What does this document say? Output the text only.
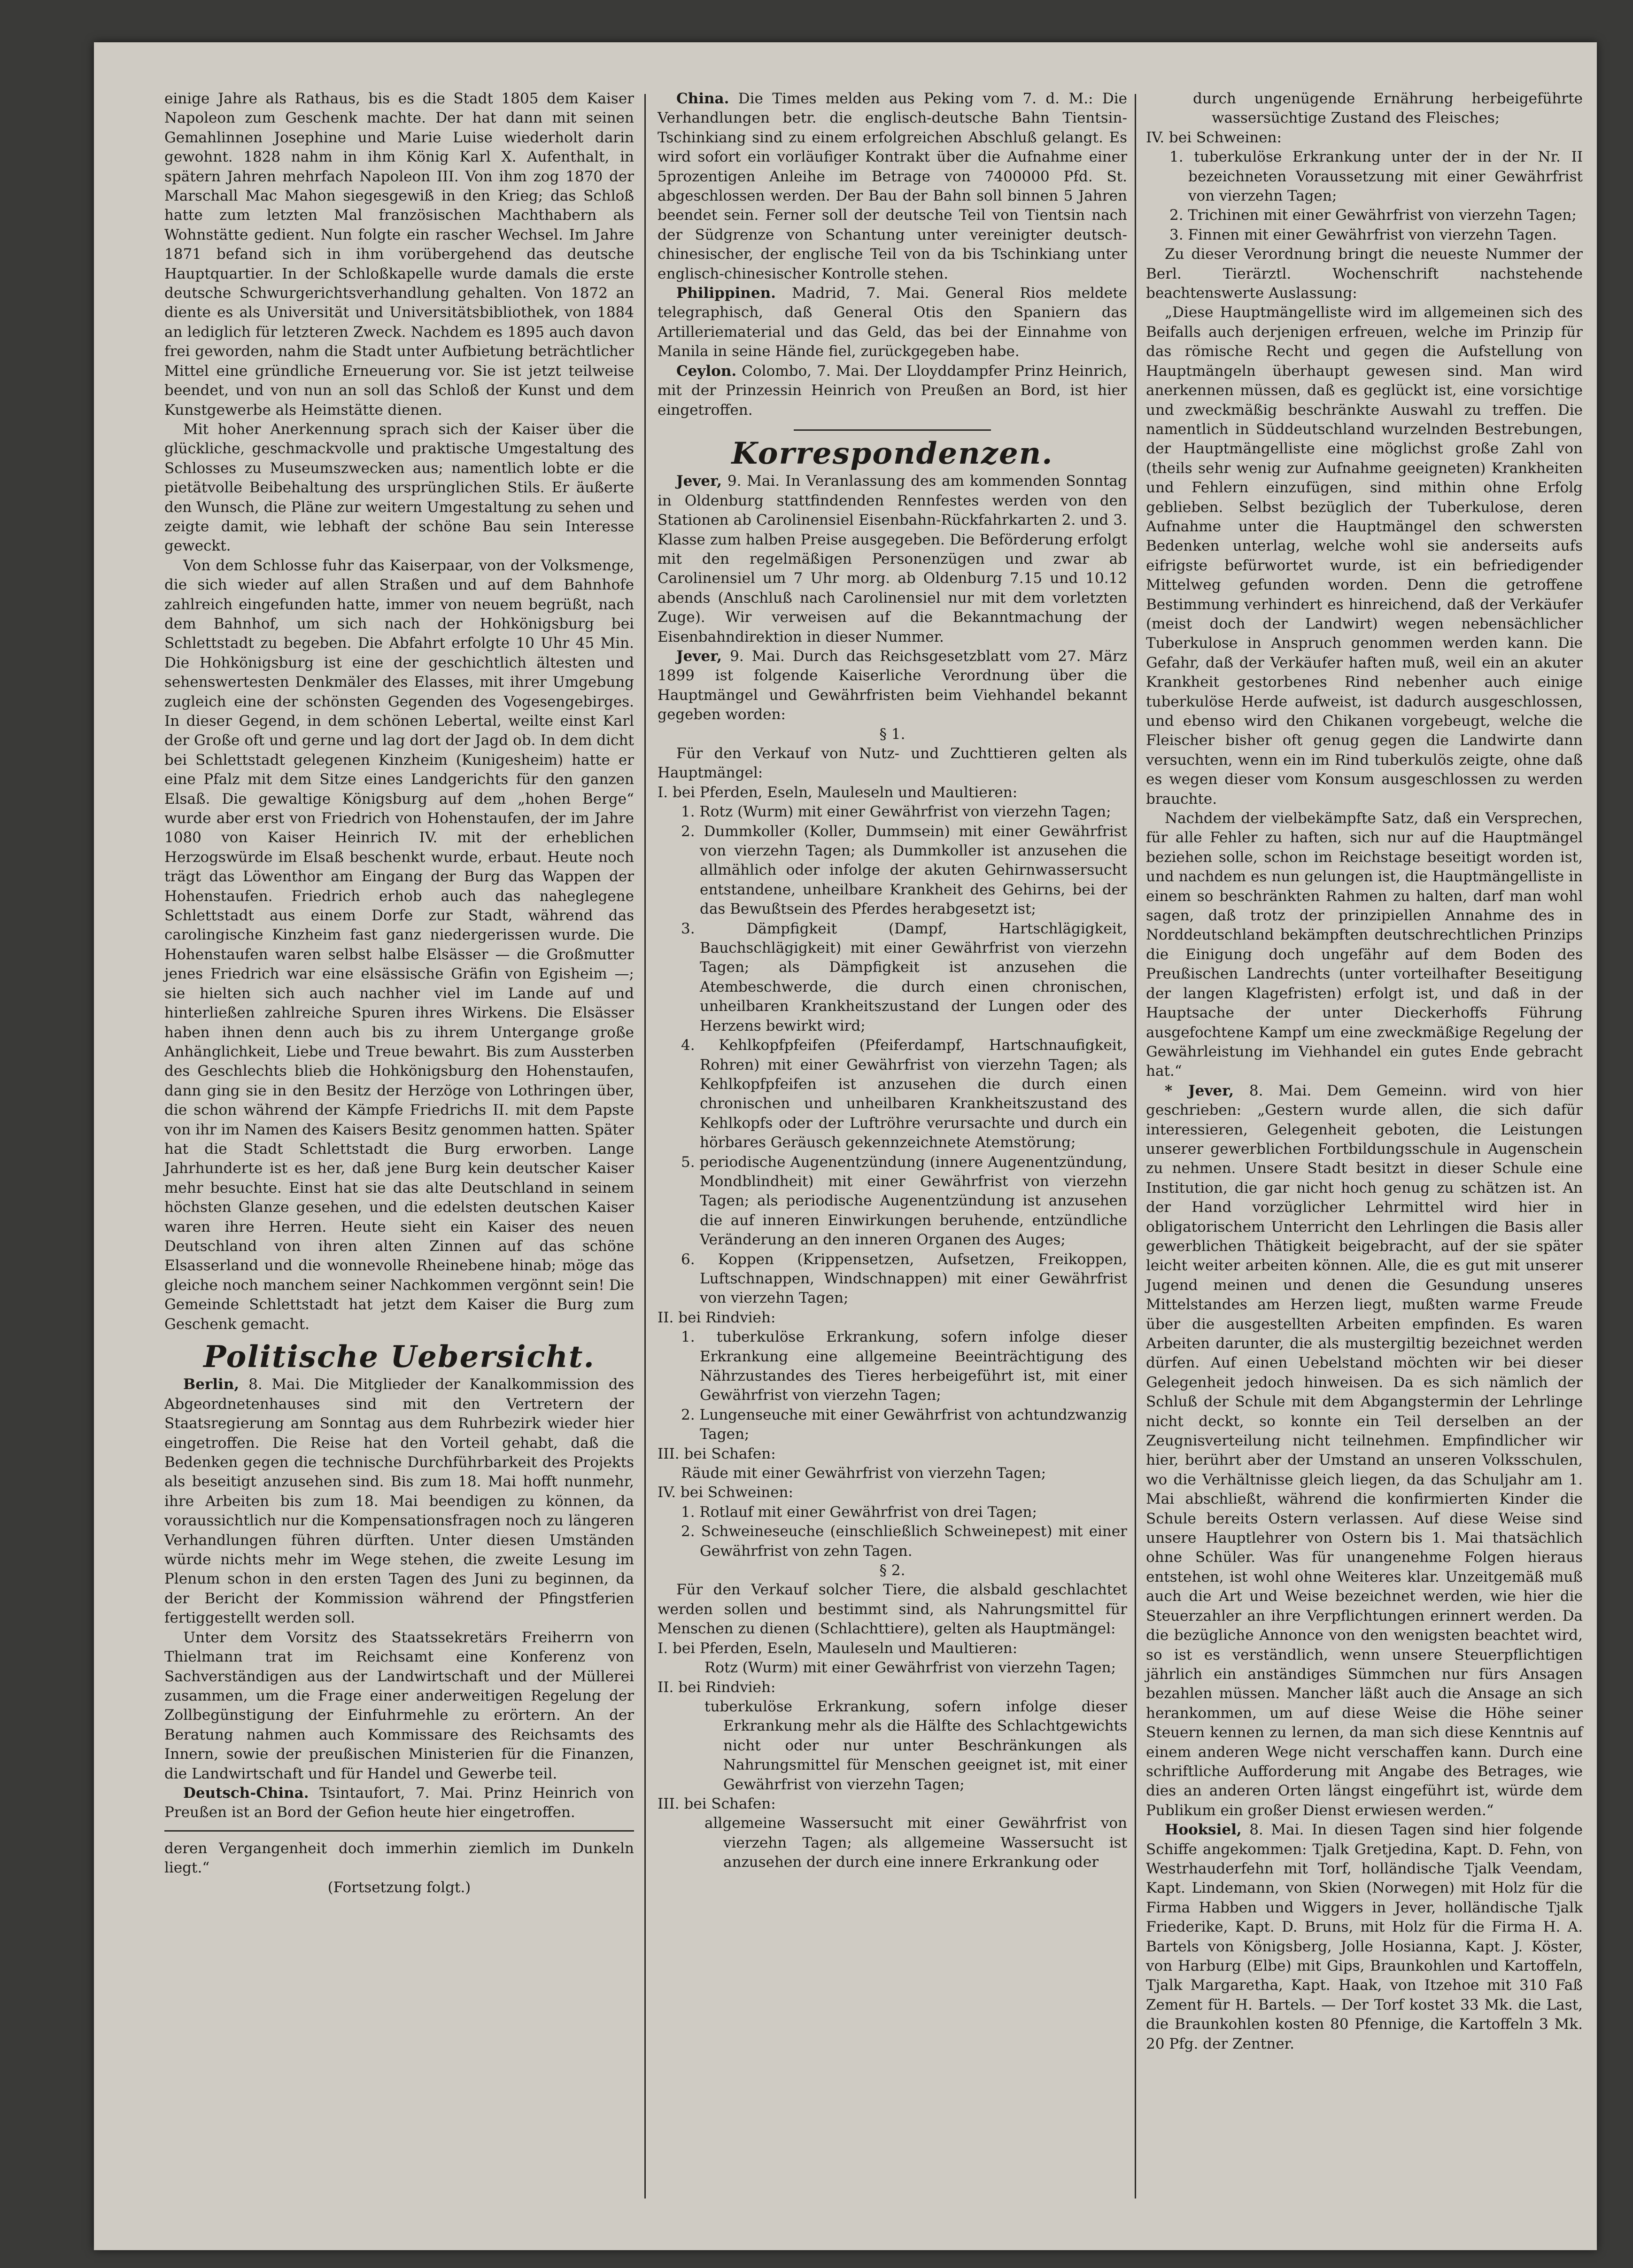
einige Jahre als Rathaus, bis es die Stadt 1805 dem Kaiser Napoleon zum Geschenk machte. Der hat dann mit seinen Gemahlinnen Josephine und Marie Luise wiederholt darin gewohnt. 1828 nahm in ihm König Karl X. Aufenthalt, in spätern Jahren mehrfach Napoleon III. Von ihm zog 1870 der Marschall Mac Mahon siegesgewiß in den Krieg; das Schloß hatte zum letzten Mal französischen Machthabern als Wohnstätte gedient. Nun folgte ein rascher Wechsel. Im Jahre 1871 befand sich in ihm vorübergehend das deutsche Hauptquartier. In der Schloßkapelle wurde damals die erste deutsche Schwurgerichtsverhandlung gehalten. Von 1872 an diente es als Universität und Universitätsbibliothek, von 1884 an lediglich für letzteren Zweck. Nachdem es 1895 auch davon frei geworden, nahm die Stadt unter Aufbietung beträchtlicher Mittel eine gründliche Erneuerung vor. Sie ist jetzt teilweise beendet, und von nun an soll das Schloß der Kunst und dem Kunstgewerbe als Heimstätte dienen.

Mit hoher Anerkennung sprach sich der Kaiser über die glückliche, geschmackvolle und praktische Umgestaltung des Schlosses zu Museumszwecken aus; namentlich lobte er die pietätvolle Beibehaltung des ursprünglichen Stils. Er äußerte den Wunsch, die Pläne zur weitern Umgestaltung zu sehen und zeigte damit, wie lebhaft der schöne Bau sein Interesse geweckt.

Von dem Schlosse fuhr das Kaiserpaar, von der Volksmenge, die sich wieder auf allen Straßen und auf dem Bahnhofe zahlreich eingefunden hatte, immer von neuem begrüßt, nach dem Bahnhof, um sich nach der Hohkönigsburg bei Schlettstadt zu begeben. Die Abfahrt erfolgte 10 Uhr 45 Min. Die Hohkönigsburg ist eine der geschichtlich ältesten und sehenswertesten Denkmäler des Elasses, mit ihrer Umgebung zugleich eine der schönsten Gegenden des Vogesengebirges. In dieser Gegend, in dem schönen Lebertal, weilte einst Karl der Große oft und gerne und lag dort der Jagd ob. In dem dicht bei Schlettstadt gelegenen Kinzheim (Kunigesheim) hatte er eine Pfalz mit dem Sitze eines Landgerichts für den ganzen Elsaß. Die gewaltige Königsburg auf dem „hohen Berge“ wurde aber erst von Friedrich von Hohenstaufen, der im Jahre 1080 von Kaiser Heinrich IV. mit der erheblichen Herzogswürde im Elsaß beschenkt wurde, erbaut. Heute noch trägt das Löwenthor am Eingang der Burg das Wappen der Hohenstaufen. Friedrich erhob auch das naheglegene Schlettstadt aus einem Dorfe zur Stadt, während das carolingische Kinzheim fast ganz niedergerissen wurde. Die Hohenstaufen waren selbst halbe Elsässer — die Großmutter jenes Friedrich war eine elsässische Gräfin von Egisheim —; sie hielten sich auch nachher viel im Lande auf und hinterließen zahlreiche Spuren ihres Wirkens. Die Elsässer haben ihnen denn auch bis zu ihrem Untergange große Anhänglichkeit, Liebe und Treue bewahrt. Bis zum Aussterben des Geschlechts blieb die Hohkönigsburg den Hohenstaufen, dann ging sie in den Besitz der Herzöge von Lothringen über, die schon während der Kämpfe Friedrichs II. mit dem Papste von ihr im Namen des Kaisers Besitz genommen hatten. Später hat die Stadt Schlettstadt die Burg erworben. Lange Jahrhunderte ist es her, daß jene Burg kein deutscher Kaiser mehr besuchte. Einst hat sie das alte Deutschland in seinem höchsten Glanze gesehen, und die edelsten deutschen Kaiser waren ihre Herren. Heute sieht ein Kaiser des neuen Deutschland von ihren alten Zinnen auf das schöne Elsasserland und die wonnevolle Rheinebene hinab; möge das gleiche noch manchem seiner Nachkommen vergönnt sein! Die Gemeinde Schlettstadt hat jetzt dem Kaiser die Burg zum Geschenk gemacht.

Politische Uebersicht.

Berlin, 8. Mai. Die Mitglieder der Kanalkommission des Abgeordnetenhauses sind mit den Vertretern der Staatsregierung am Sonntag aus dem Ruhrbezirk wieder hier eingetroffen. Die Reise hat den Vorteil gehabt, daß die Bedenken gegen die technische Durchführbarkeit des Projekts als beseitigt anzusehen sind. Bis zum 18. Mai hofft nunmehr, ihre Arbeiten bis zum 18. Mai beendigen zu können, da voraussichtlich nur die Kompensationsfragen noch zu längeren Verhandlungen führen dürften. Unter diesen Umständen würde nichts mehr im Wege stehen, die zweite Lesung im Plenum schon in den ersten Tagen des Juni zu beginnen, da der Bericht der Kommission während der Pfingstferien fertiggestellt werden soll.

Unter dem Vorsitz des Staatssekretärs Freiherrn von Thielmann trat im Reichsamt eine Konferenz von Sachverständigen aus der Landwirtschaft und der Müllerei zusammen, um die Frage einer anderweitigen Regelung der Zollbegünstigung der Einfuhrmehle zu erörtern. An der Beratung nahmen auch Kommissare des Reichsamts des Innern, sowie der preußischen Ministerien für die Finanzen, die Landwirtschaft und für Handel und Gewerbe teil.

Deutsch-China. Tsintaufort, 7. Mai. Prinz Heinrich von Preußen ist an Bord der Gefion heute hier eingetroffen.

deren Vergangenheit doch immerhin ziemlich im Dunkeln liegt.“

(Fortsetzung folgt.)

China. Die Times melden aus Peking vom 7. d. M.: Die Verhandlungen betr. die englisch-deutsche Bahn Tientsin-Tschinkiang sind zu einem erfolgreichen Abschluß gelangt. Es wird sofort ein vorläufiger Kontrakt über die Aufnahme einer 5prozentigen Anleihe im Betrage von 7400000 Pfd. St. abgeschlossen werden. Der Bau der Bahn soll binnen 5 Jahren beendet sein. Ferner soll der deutsche Teil von Tientsin nach der Südgrenze von Schantung unter vereinigter deutsch-chinesischer, der englische Teil von da bis Tschinkiang unter englisch-chinesischer Kontrolle stehen.

Philippinen. Madrid, 7. Mai. General Rios meldete telegraphisch, daß General Otis den Spaniern das Artilleriematerial und das Geld, das bei der Einnahme von Manila in seine Hände fiel, zurückgegeben habe.

Ceylon. Colombo, 7. Mai. Der Lloyddampfer Prinz Heinrich, mit der Prinzessin Heinrich von Preußen an Bord, ist hier eingetroffen.

Korrespondenzen.

Jever, 9. Mai. In Veranlassung des am kommenden Sonntag in Oldenburg stattfindenden Rennfestes werden von den Stationen ab Carolinensiel Eisenbahn-Rückfahrkarten 2. und 3. Klasse zum halben Preise ausgegeben. Die Beförderung erfolgt mit den regelmäßigen Personenzügen und zwar ab Carolinensiel um 7 Uhr morg. ab Oldenburg 7.15 und 10.12 abends (Anschluß nach Carolinensiel nur mit dem vorletzten Zuge). Wir verweisen auf die Bekanntmachung der Eisenbahndirektion in dieser Nummer.

Jever, 9. Mai. Durch das Reichsgesetzblatt vom 27. März 1899 ist folgende Kaiserliche Verordnung über die Hauptmängel und Gewährfristen beim Viehhandel bekannt gegeben worden:

§ 1.

Für den Verkauf von Nutz- und Zuchttieren gelten als Hauptmängel:

I. bei Pferden, Eseln, Mauleseln und Maultieren:

1. Rotz (Wurm) mit einer Gewährfrist von vierzehn Tagen;

2. Dummkoller (Koller, Dummsein) mit einer Gewährfrist von vierzehn Tagen; als Dummkoller ist anzusehen die allmählich oder infolge der akuten Gehirnwassersucht entstandene, unheilbare Krankheit des Gehirns, bei der das Bewußtsein des Pferdes herabgesetzt ist;

3. Dämpfigkeit (Dampf, Hartschlägigkeit, Bauchschlägigkeit) mit einer Gewährfrist von vierzehn Tagen; als Dämpfigkeit ist anzusehen die Atembeschwerde, die durch einen chronischen, unheilbaren Krankheitszustand der Lungen oder des Herzens bewirkt wird;

4. Kehlkopfpfeifen (Pfeiferdampf, Hartschnaufigkeit, Rohren) mit einer Gewährfrist von vierzehn Tagen; als Kehlkopfpfeifen ist anzusehen die durch einen chronischen und unheilbaren Krankheitszustand des Kehlkopfs oder der Luftröhre verursachte und durch ein hörbares Geräusch gekennzeichnete Atemstörung;

5. periodische Augenentzündung (innere Augenentzündung, Mondblindheit) mit einer Gewährfrist von vierzehn Tagen; als periodische Augenentzündung ist anzusehen die auf inneren Einwirkungen beruhende, entzündliche Veränderung an den inneren Organen des Auges;

6. Koppen (Krippensetzen, Aufsetzen, Freikoppen, Luftschnappen, Windschnappen) mit einer Gewährfrist von vierzehn Tagen;

II. bei Rindvieh:

1. tuberkulöse Erkrankung, sofern infolge dieser Erkrankung eine allgemeine Beeinträchtigung des Nährzustandes des Tieres herbeigeführt ist, mit einer Gewährfrist von vierzehn Tagen;

2. Lungenseuche mit einer Gewährfrist von achtundzwanzig Tagen;

III. bei Schafen:

Räude mit einer Gewährfrist von vierzehn Tagen;

IV. bei Schweinen:

1. Rotlauf mit einer Gewährfrist von drei Tagen;

2. Schweineseuche (einschließlich Schweinepest) mit einer Gewährfrist von zehn Tagen.

§ 2.

Für den Verkauf solcher Tiere, die alsbald geschlachtet werden sollen und bestimmt sind, als Nahrungsmittel für Menschen zu dienen (Schlachttiere), gelten als Hauptmängel:

I. bei Pferden, Eseln, Mauleseln und Maultieren:

Rotz (Wurm) mit einer Gewährfrist von vierzehn Tagen;

II. bei Rindvieh:

tuberkulöse Erkrankung, sofern infolge dieser Erkrankung mehr als die Hälfte des Schlachtgewichts nicht oder nur unter Beschränkungen als Nahrungsmittel für Menschen geeignet ist, mit einer Gewährfrist von vierzehn Tagen;

III. bei Schafen:

allgemeine Wassersucht mit einer Gewährfrist von vierzehn Tagen; als allgemeine Wassersucht ist anzusehen der durch eine innere Erkrankung oder

durch ungenügende Ernährung herbeigeführte wassersüchtige Zustand des Fleisches;

IV. bei Schweinen:

1. tuberkulöse Erkrankung unter der in der Nr. II bezeichneten Voraussetzung mit einer Gewährfrist von vierzehn Tagen;

2. Trichinen mit einer Gewährfrist von vierzehn Tagen;

3. Finnen mit einer Gewährfrist von vierzehn Tagen.

Zu dieser Verordnung bringt die neueste Nummer der Berl. Tierärztl. Wochenschrift nachstehende beachtenswerte Auslassung:

„Diese Hauptmängelliste wird im allgemeinen sich des Beifalls auch derjenigen erfreuen, welche im Prinzip für das römische Recht und gegen die Aufstellung von Hauptmängeln überhaupt gewesen sind. Man wird anerkennen müssen, daß es geglückt ist, eine vorsichtige und zweckmäßig beschränkte Auswahl zu treffen. Die namentlich in Süddeutschland wurzelnden Bestrebungen, der Hauptmängelliste eine möglichst große Zahl von (theils sehr wenig zur Aufnahme geeigneten) Krankheiten und Fehlern einzufügen, sind mithin ohne Erfolg geblieben. Selbst bezüglich der Tuberkulose, deren Aufnahme unter die Hauptmängel den schwersten Bedenken unterlag, welche wohl sie anderseits aufs eifrigste befürwortet wurde, ist ein befriedigender Mittelweg gefunden worden. Denn die getroffene Bestimmung verhindert es hinreichend, daß der Verkäufer (meist doch der Landwirt) wegen nebensächlicher Tuberkulose in Anspruch genommen werden kann. Die Gefahr, daß der Verkäufer haften muß, weil ein an akuter Krankheit gestorbenes Rind nebenher auch einige tuberkulöse Herde aufweist, ist dadurch ausgeschlossen, und ebenso wird den Chikanen vorgebeugt, welche die Fleischer bisher oft genug gegen die Landwirte dann versuchten, wenn ein im Rind tuberkulös zeigte, ohne daß es wegen dieser vom Konsum ausgeschlossen zu werden brauchte.

Nachdem der vielbekämpfte Satz, daß ein Versprechen, für alle Fehler zu haften, sich nur auf die Hauptmängel beziehen solle, schon im Reichstage beseitigt worden ist, und nachdem es nun gelungen ist, die Hauptmängelliste in einem so beschränkten Rahmen zu halten, darf man wohl sagen, daß trotz der prinzipiellen Annahme des in Norddeutschland bekämpften deutschrechtlichen Prinzips die Einigung doch ungefähr auf dem Boden des Preußischen Landrechts (unter vorteilhafter Beseitigung der langen Klagefristen) erfolgt ist, und daß in der Hauptsache der unter Dieckerhoffs Führung ausgefochtene Kampf um eine zweckmäßige Regelung der Gewährleistung im Viehhandel ein gutes Ende gebracht hat.“

* Jever, 8. Mai. Dem Gemeinn. wird von hier geschrieben: „Gestern wurde allen, die sich dafür interessieren, Gelegenheit geboten, die Leistungen unserer gewerblichen Fortbildungsschule in Augenschein zu nehmen. Unsere Stadt besitzt in dieser Schule eine Institution, die gar nicht hoch genug zu schätzen ist. An der Hand vorzüglicher Lehrmittel wird hier in obligatorischem Unterricht den Lehrlingen die Basis aller gewerblichen Thätigkeit beigebracht, auf der sie später leicht weiter arbeiten können. Alle, die es gut mit unserer Jugend meinen und denen die Gesundung unseres Mittelstandes am Herzen liegt, mußten warme Freude über die ausgestellten Arbeiten empfinden. Es waren Arbeiten darunter, die als mustergiltig bezeichnet werden dürfen. Auf einen Uebelstand möchten wir bei dieser Gelegenheit jedoch hinweisen. Da es sich nämlich der Schluß der Schule mit dem Abgangstermin der Lehrlinge nicht deckt, so konnte ein Teil derselben an der Zeugnisverteilung nicht teilnehmen. Empfindlicher wir hier, berührt aber der Umstand an unseren Volksschulen, wo die Verhältnisse gleich liegen, da das Schuljahr am 1. Mai abschließt, während die konfirmierten Kinder die Schule bereits Ostern verlassen. Auf diese Weise sind unsere Hauptlehrer von Ostern bis 1. Mai thatsächlich ohne Schüler. Was für unangenehme Folgen hieraus entstehen, ist wohl ohne Weiteres klar. Unzeitgemäß muß auch die Art und Weise bezeichnet werden, wie hier die Steuerzahler an ihre Verpflichtungen erinnert werden. Da die bezügliche Annonce von den wenigsten beachtet wird, so ist es verständlich, wenn unsere Steuerpflichtigen jährlich ein anständiges Sümmchen nur fürs Ansagen bezahlen müssen. Mancher läßt auch die Ansage an sich herankommen, um auf diese Weise die Höhe seiner Steuern kennen zu lernen, da man sich diese Kenntnis auf einem anderen Wege nicht verschaffen kann. Durch eine schriftliche Aufforderung mit Angabe des Betrages, wie dies an anderen Orten längst eingeführt ist, würde dem Publikum ein großer Dienst erwiesen werden.“

Hooksiel, 8. Mai. In diesen Tagen sind hier folgende Schiffe angekommen: Tjalk Gretjedina, Kapt. D. Fehn, von Westrhauderfehn mit Torf, holländische Tjalk Veendam, Kapt. Lindemann, von Skien (Norwegen) mit Holz für die Firma Habben und Wiggers in Jever, holländische Tjalk Friederike, Kapt. D. Bruns, mit Holz für die Firma H. A. Bartels von Königsberg, Jolle Hosianna, Kapt. J. Köster, von Harburg (Elbe) mit Gips, Braunkohlen und Kartoffeln, Tjalk Margaretha, Kapt. Haak, von Itzehoe mit 310 Faß Zement für H. Bartels. — Der Torf kostet 33 Mk. die Last, die Braunkohlen kosten 80 Pfennige, die Kartoffeln 3 Mk. 20 Pfg. der Zentner.
